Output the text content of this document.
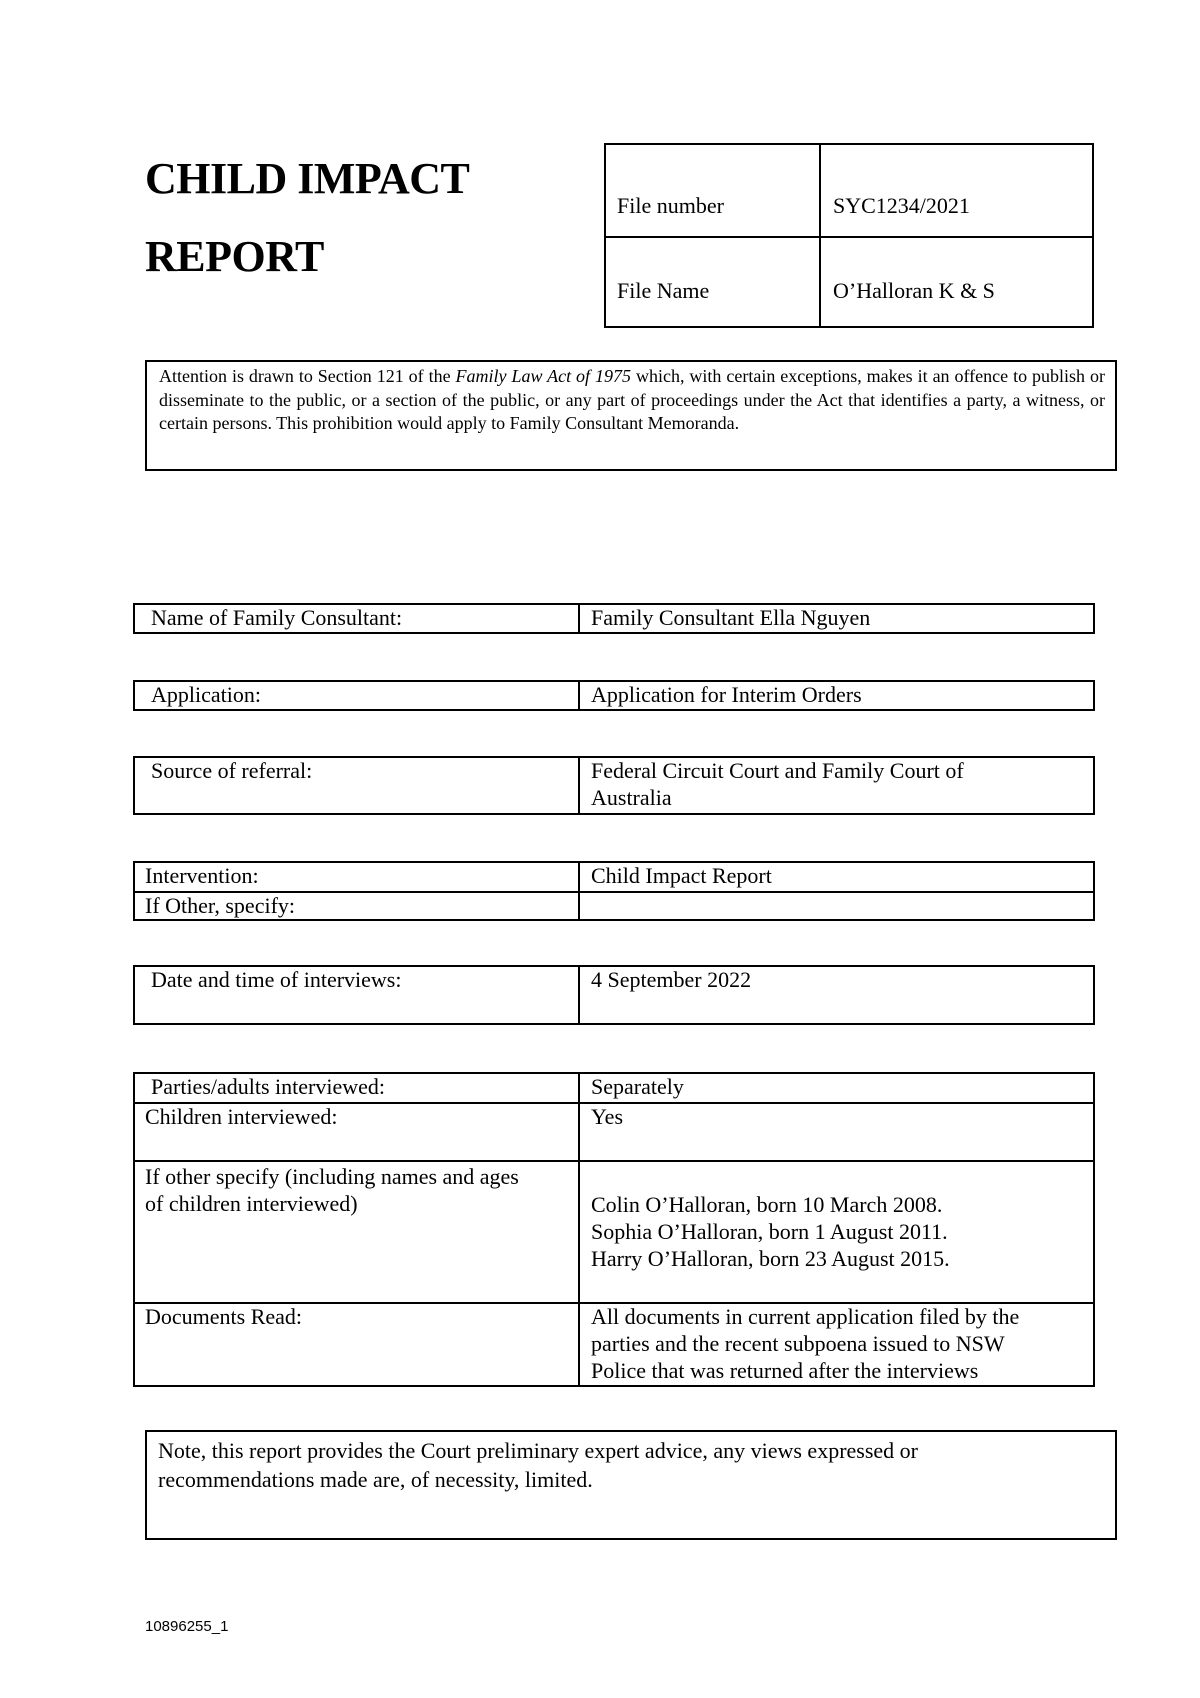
CHILD IMPACT
REPORT
File number	SYC1234/2021
File Name	O’Halloran K & S

Attention is drawn to Section 121 of the Family Law Act of 1975 which, with certain exceptions, makes it an offence to publish or disseminate to the public, or a section of the public, or any part of proceedings under the Act that identifies a party, a witness, or certain persons. This prohibition would apply to Family Consultant Memoranda.

Name of Family Consultant:	Family Consultant Ella Nguyen
Application:	Application for Interim Orders
Source of referral:	Federal Circuit Court and Family Court of
Australia
Intervention:	Child Impact Report
If Other, specify:
Date and time of interviews:	4 September 2022
Parties/adults interviewed:	Separately
Children interviewed:	Yes
If other specify (including names and ages
of children interviewed)	Colin O’Halloran, born 10 March 2008.
Sophia O’Halloran, born 1 August 2011.
Harry O’Halloran, born 23 August 2015.
Documents Read:	All documents in current application filed by the
parties and the recent subpoena issued to NSW
Police that was returned after the interviews

Note, this report provides the Court preliminary expert advice, any views expressed or

recommendations made are, of necessity, limited.

10896255_1
